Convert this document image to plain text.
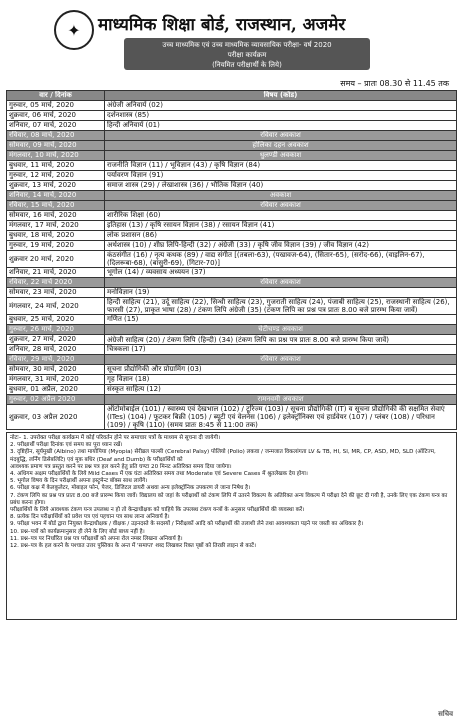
✦ माध्यमिक शिक्षा बोर्ड, राजस्थान, अजमेर
उच्च माध्यमिक एवं उच्च माध्यमिक व्यावसायिक परीक्षा- वर्ष 2020
परीक्षा कार्यक्रम
(नियमित परीक्षार्थी के लिये)
समय – प्रातः 08.30 से 11.45 तक
वार / दिनांक	विषय (कोड)
गुरुवार, 05 मार्च, 2020	अंग्रेजी अनिवार्य (02)
शुक्रवार, 06 मार्च, 2020	दर्शनशास्त्र (85)
शनिवार, 07 मार्च, 2020	हिन्दी अनिवार्य (01)
रविवार, 08 मार्च, 2020	रविवार अवकाश
सोमवार, 09 मार्च, 2020	होलिका दहन अवकाश
मंगलवार, 10 मार्च, 2020	धुलण्डी अवकाश
बुधवार, 11 मार्च, 2020	राजनीति विज्ञान (11) / भूविज्ञान (43) / कृषि विज्ञान (84)
गुरुवार, 12 मार्च, 2020	पर्यावरण विज्ञान (91)
शुक्रवार, 13 मार्च, 2020	समाज शास्त्र (29) / लेखाशास्त्र (36) / भौतिक विज्ञान (40)
शनिवार, 14 मार्च, 2020	अवकाश
रविवार, 15 मार्च, 2020	रविवार अवकाश
सोमवार, 16 मार्च, 2020	शारीरिक शिक्षा (60)
मंगलवार, 17 मार्च, 2020	इतिहास (13) / कृषि रसायन विज्ञान (38) / रसायन विज्ञान (41)
बुधवार, 18 मार्च, 2020	लोक प्रशासन (86)
गुरुवार, 19 मार्च, 2020	अर्थशास्त्र (10) / शीघ्र लिपि-हिन्दी (32) / अंग्रेजी (33) / कृषि जीव विज्ञान (39) / जीव विज्ञान (42)
शुक्रवार 20 मार्च, 2020	कंठसंगीत (16) / नृत्य कथक (89) / वाद्य संगीत [(तबला-63), (पखावज-64), (सितार-65), (सरोद-66), (वाइलिन-67), (दिलरूबा-68), (बांसुरी-69), (गिटार-70)]
शनिवार, 21 मार्च, 2020	भूगोल (14) / व्यवसाय अध्ययन (37)
रविवार, 22 मार्च 2020	रविवार अवकाश
सोमवार, 23 मार्च, 2020	मनोविज्ञान (19)
मंगलवार, 24 मार्च, 2020	हिन्दी साहित्य (21), उर्दू साहित्य (22), सिन्धी साहित्य (23), गुजराती साहित्य (24), पंजाबी साहित्य (25), राजस्थानी साहित्य (26), फारसी (27), प्राकृत भाषा (28) / टंकण लिपि अंग्रेजी (35) (टंकण लिपि का प्रश्न पत्र प्रातः 8.00 बजे प्रारम्भ किया जावें)
बुधवार, 25 मार्च, 2020	गणित (15)
गुरुवार, 26 मार्च, 2020	चेटीचण्ड अवकाश
शुक्रवार, 27 मार्च, 2020	अंग्रेजी साहित्य (20) / टंकण लिपि (हिन्दी) (34) (टंकण लिपि का प्रश्न पत्र प्रातः 8.00 बजे प्रारम्भ किया जावें)
शनिवार, 28 मार्च, 2020	चित्रकला (17)
रविवार, 29 मार्च, 2020	रविवार अवकाश
सोमवार, 30 मार्च, 2020	सूचना प्रौद्योगिकी और प्रोग्रामिंग (03)
मंगलवार, 31 मार्च, 2020	गृह विज्ञान (18)
बुधवार, 01 अप्रैल, 2020	संस्कृत साहित्य (12)
गुरुवार, 02 अप्रैल 2020	रामनवमी अवकाश
शुक्रवार, 03 अप्रैल 2020	ऑटोमोबाईल (101) / स्वास्थ्य एवं देखभाल (102) / टूरिज्म (103) / सूचना प्रौद्योगिकी (IT) व सूचना प्रौद्योगिकी की सक्षमित सेवाएं (ITes) (104) / फूटकर बिक्री (105) / ब्यूटी एवं वेलनेस (106) / इलेक्ट्रॉनिक्स एवं हार्डवेयर (107) / प्लंबर (108) / परिधान (109) / कृषि (110) (समय प्रातः 8:45 से 11:00 तक)
नोटः– 1. उपरोक्त परीक्षा कार्यक्रम में कोई परिवर्तन होने पर समाचार पत्रों के माध्यम से सूचना दी जायेगी।
2. परीक्षार्थी परीक्षा दिनांक एवं समय का पूरा ध्यान रखें।
3. दृष्टिहीन, सूर्यमुखी (Albino) तथा मायोपिया (Myopia) सेरीब्रल पाल्सी (Cerebral Palsy) पोलियो (Polio) लकवा / जन्मजात विकलांगता LV & TB, HI, SI, MR, CP, ASD, MD, SLD (ऑटिज्म, मंदबुद्धि, लर्निंग डिसेबलिटि) एवं मूक बधिर (Deaf and Dumb) के परीक्षार्थियों को
आवश्यक प्रमाण पत्र प्रस्तुत करने पर प्रश्न पत्र हल करने हेतु प्रति घण्टा 20 मिनट अतिरिक्त समय दिया जायेगा।
4. अधिगम अक्षम परीक्षार्थियों के लिये Mild Cases में एक घंटा अतिरिक्त समय तथा Moderate एवं Severe Cases में श्रुतलेखक देय होगा।
5. भूगोल विषय के दिन परीक्षार्थी अपना इस्ट्रूमेन्ट बॉक्स साथ लायेंगे।
6. परीक्षा कक्ष में केलकुलेटर, मोबाइल फोन, पेजर, डिजिटल डायरी अथवा अन्य इलेक्ट्रॉनिक उपकरण ले जाना निषेध है।
7. टंकण लिपि का प्रश्न पत्र प्रातः 8.00 बजे प्रारम्भ किया जावें। विद्यालय को जहां के परीक्षार्थी को टंकण लिपि में उतरने विकल्प के अतिरिक्त अन्य विकल्प में परीक्षा देने की छूट दी गयी है, उनके लिए एक टंकण यन्त्र का प्रबंध करना होगा।
परीक्षार्थियों के लिये आवश्यक टंकण यन्त्र उपलब्ध न हो तो केन्द्राधीक्षक को चाहिये कि उपलब्ध टंकण यन्त्रों के अनुसार परीक्षार्थियों की व्यवस्था करें।
8. प्रत्येक दिन परीक्षार्थियों को प्रवेश पत्र एवं पहचान पत्र साथ लाना अनिवार्य है।
9. परीक्षा भवन में बोर्ड द्वारा नियुक्त केन्द्राधीक्षक / वीक्षक / उड़नदस्ते के सदस्यों / निरीक्षकों आदि को परीक्षार्थी की तलाशी लेने तथा आवश्यकता पड़ने पर जब्ती का अधिकार है।
10. प्रश्न–पत्रों को कार्यक्रमानुसार ही लेने के लिए बोर्ड बाध्य नहीं है।
11. प्रश्न–पत्र पर निर्धारित प्रश्न पत्र परीक्षार्थी को अपना रोल नम्बर लिखना अनिवार्य है।
12. प्रश्न–पत्र के हल करने के पश्चात उत्तर पुस्तिका के अन्त में 'समाप्त' शब्द लिखकर रिक्त पृष्ठों को तिरछी लाइन से काटें।
सचिव
